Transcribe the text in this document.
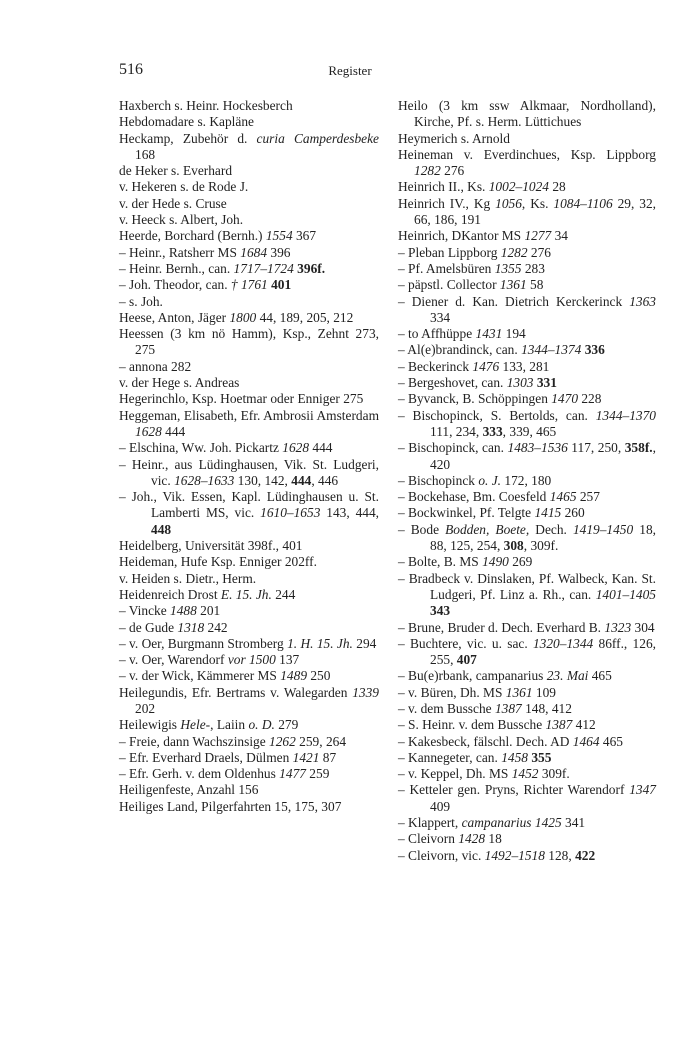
516	Register
Haxberch s. Heinr. Hockesberch
Hebdomadare s. Kapläne
Heckamp, Zubehör d. curia Camperdesbeke 168
de Heker s. Everhard
v. Hekeren s. de Rode J.
v. der Hede s. Cruse
v. Heeck s. Albert, Joh.
Heerde, Borchard (Bernh.) 1554 367
– Heinr., Ratsherr MS 1684 396
– Heinr. Bernh., can. 1717–1724 396f.
– Joh. Theodor, can. † 1761 401
– s. Joh.
Heese, Anton, Jäger 1800 44, 189, 205, 212
Heessen (3 km nö Hamm), Ksp., Zehnt 273, 275
– annona 282
v. der Hege s. Andreas
Hegerinchlo, Ksp. Hoetmar oder Enniger 275
Heggeman, Elisabeth, Efr. Ambrosii Amsterdam 1628 444
– Elschina, Ww. Joh. Pickartz 1628 444
– Heinr., aus Lüdinghausen, Vik. St. Ludgeri, vic. 1628–1633 130, 142, 444, 446
– Joh., Vik. Essen, Kapl. Lüdinghausen u. St. Lamberti MS, vic. 1610–1653 143, 444, 448
Heidelberg, Universität 398f., 401
Heideman, Hufe Ksp. Enniger 202ff.
v. Heiden s. Dietr., Herm.
Heidenreich Drost E. 15. Jh. 244
– Vincke 1488 201
– de Gude 1318 242
– v. Oer, Burgmann Stromberg 1. H. 15. Jh. 294
– v. Oer, Warendorf vor 1500 137
– v. der Wick, Kämmerer MS 1489 250
Heilegundis, Efr. Bertrams v. Walegarden 1339 202
Heilewigis Hele-, Laiin o. D. 279
– Freie, dann Wachszinsige 1262 259, 264
– Efr. Everhard Draels, Dülmen 1421 87
– Efr. Gerh. v. dem Oldenhus 1477 259
Heiligenfeste, Anzahl 156
Heiliges Land, Pilgerfahrten 15, 175, 307
Heilo (3 km ssw Alkmaar, Nordholland), Kirche, Pf. s. Herm. Lüttichues
Heymerich s. Arnold
Heineman v. Everdinchues, Ksp. Lippborg 1282 276
Heinrich II., Ks. 1002–1024 28
Heinrich IV., Kg 1056, Ks. 1084–1106 29, 32, 66, 186, 191
Heinrich, DKantor MS 1277 34
– Pleban Lippborg 1282 276
– Pf. Amelsbüren 1355 283
– päpstl. Collector 1361 58
– Diener d. Kan. Dietrich Kerckerinck 1363 334
– to Affhüppe 1431 194
– Al(e)brandinck, can. 1344–1374 336
– Beckerinck 1476 133, 281
– Bergeshovet, can. 1303 331
– Byvanck, B. Schöppingen 1470 228
– Bischopinck, S. Bertolds, can. 1344–1370 111, 234, 333, 339, 465
– Bischopinck, can. 1483–1536 117, 250, 358f., 420
– Bischopinck o. J. 172, 180
– Bockehase, Bm. Coesfeld 1465 257
– Bockwinkel, Pf. Telgte 1415 260
– Bode Bodden, Boete, Dech. 1419–1450 18, 88, 125, 254, 308, 309f.
– Bolte, B. MS 1490 269
– Bradbeck v. Dinslaken, Pf. Walbeck, Kan. St. Ludgeri, Pf. Linz a. Rh., can. 1401–1405 343
– Brune, Bruder d. Dech. Everhard B. 1323 304
– Buchtere, vic. u. sac. 1320–1344 86ff., 126, 255, 407
– Bu(e)rbank, campanarius 23. Mai 465
– v. Büren, Dh. MS 1361 109
– v. dem Bussche 1387 148, 412
– S. Heinr. v. dem Bussche 1387 412
– Kakesbeck, fälschl. Dech. AD 1464 465
– Kannegeter, can. 1458 355
– v. Keppel, Dh. MS 1452 309f.
– Ketteler gen. Pryns, Richter Warendorf 1347 409
– Klappert, campanarius 1425 341
– Cleivorn 1428 18
– Cleivorn, vic. 1492–1518 128, 422
